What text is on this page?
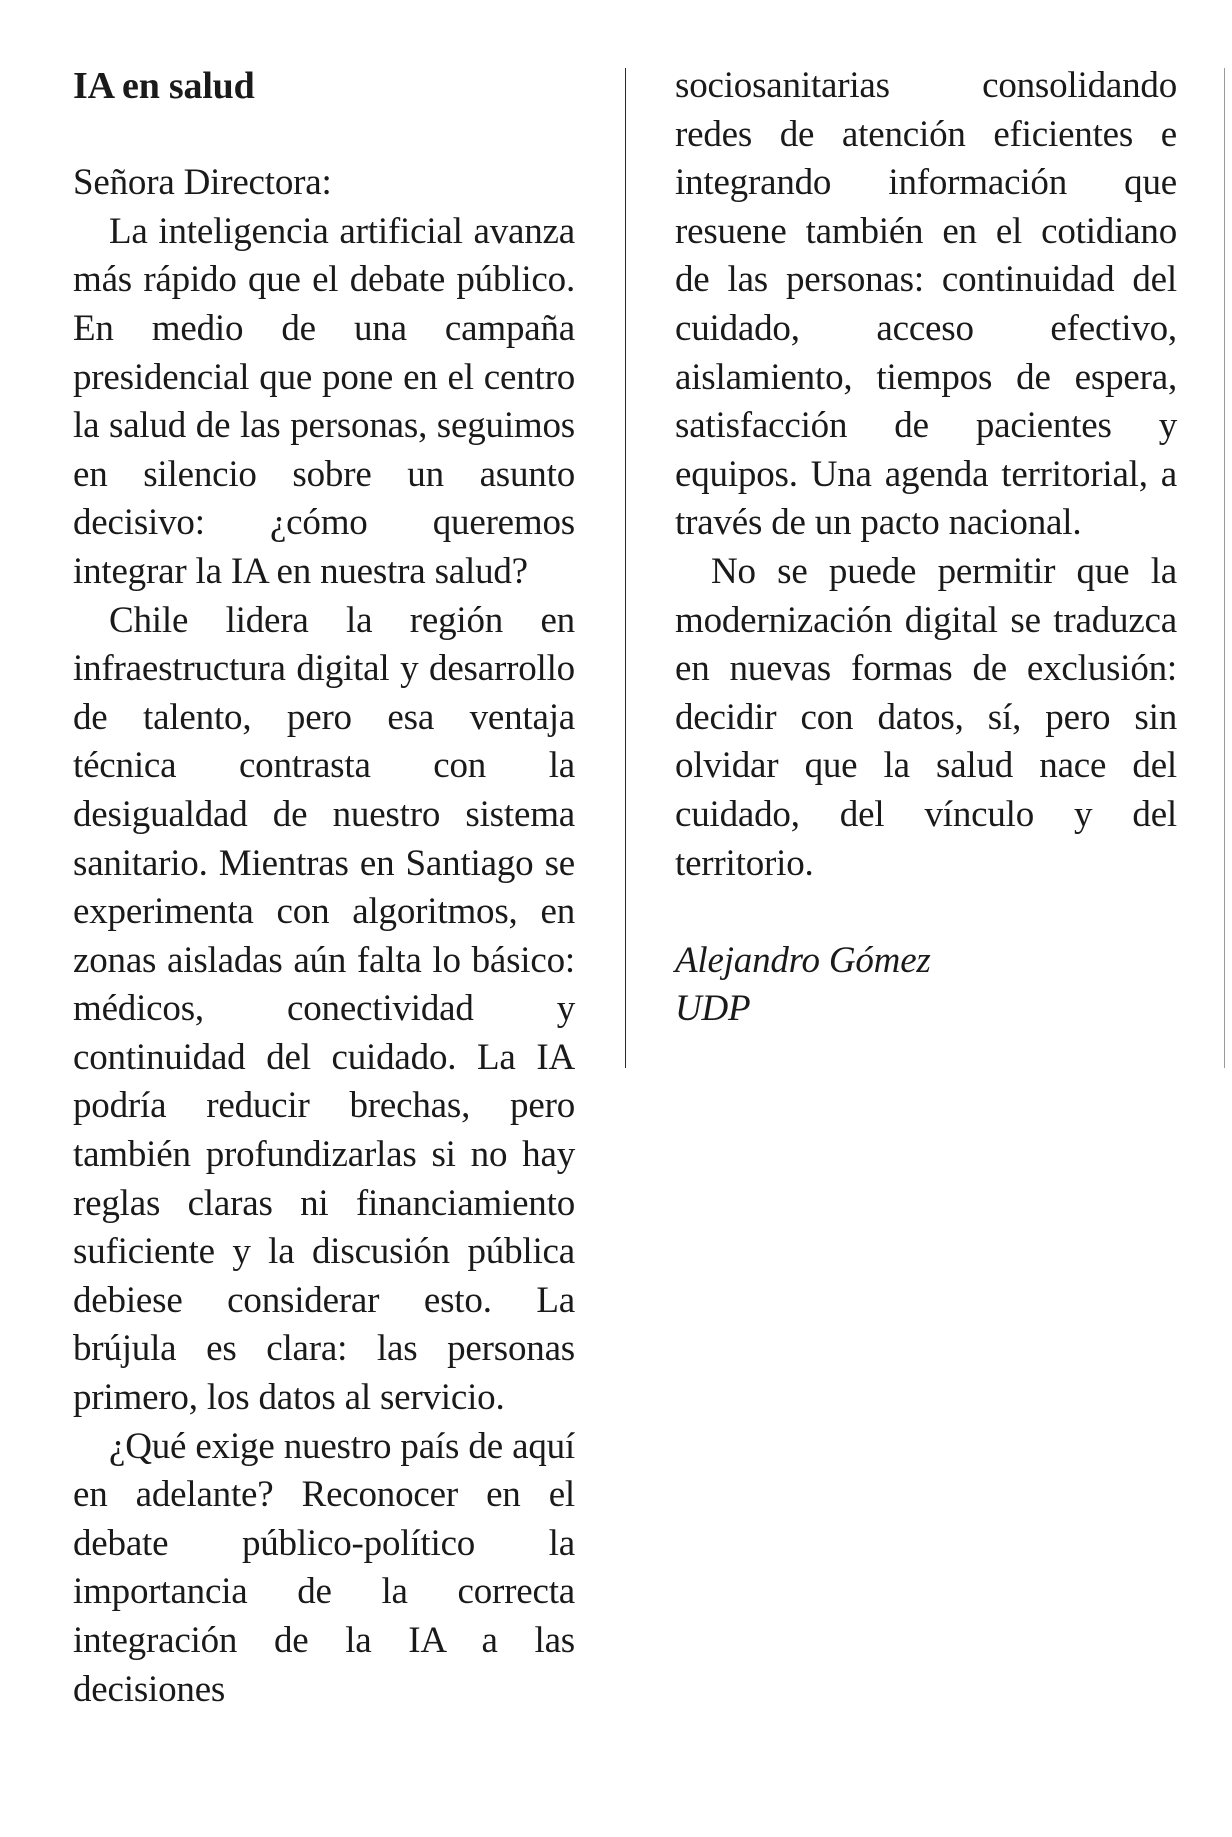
IA en salud

Señora Directora:

La inteligencia artificial avanza más rápido que el debate público. En medio de una campaña presidencial que pone en el centro la salud de las personas, seguimos en silencio sobre un asunto decisivo: ¿cómo queremos integrar la IA en nuestra salud?

Chile lidera la región en infraestructura digital y desarrollo de talento, pero esa ventaja técnica contrasta con la desigualdad de nuestro sistema sanitario. Mientras en Santiago se experimenta con algoritmos, en zonas aisladas aún falta lo básico: médicos, conectividad y continuidad del cuidado. La IA podría reducir brechas, pero también profundizarlas si no hay reglas claras ni financiamiento suficiente y la discusión pública debiese considerar esto. La brújula es clara: las personas primero, los datos al servicio.

¿Qué exige nuestro país de aquí en adelante? Reconocer en el debate público-político la importancia de la correcta integración de la IA a las decisiones

sociosanitarias consolidando redes de atención eficientes e integrando información que resuene también en el cotidiano de las personas: continuidad del cuidado, acceso efectivo, aislamiento, tiempos de espera, satisfacción de pacientes y equipos. Una agenda territorial, a través de un pacto nacional.

No se puede permitir que la modernización digital se traduzca en nuevas formas de exclusión: decidir con datos, sí, pero sin olvidar que la salud nace del cuidado, del vínculo y del territorio.

Alejandro Gómez
UDP
